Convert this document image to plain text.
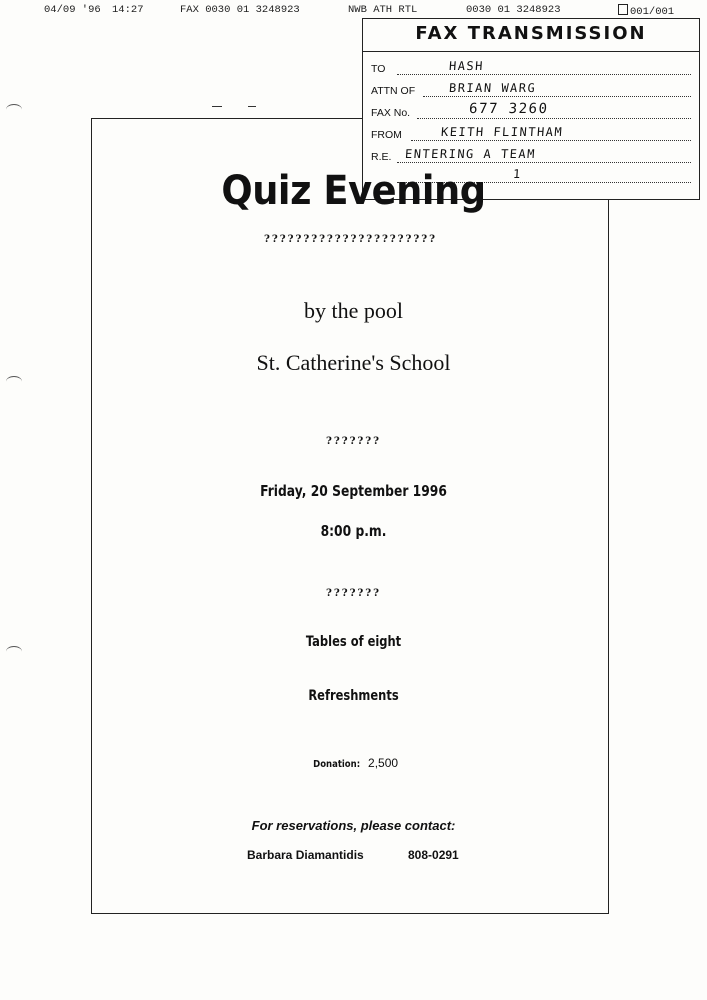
04/09 '96 14:27	FAX 0030 01 3248923	NWB ATH RTL	0030 01 3248923	001/001
FAX TRANSMISSION
TO	HASH
ATTN OF	BRIAN WARG
FAX No.	677 3260
FROM	KEITH FLINTHAM
R.E. ENTERING A TEAM
1
Quiz Evening
??????????????????????
by the pool
St. Catherine's School
???????
Friday, 20 September 1996
8:00 p.m.
???????
Tables of eight
Refreshments
Donation: 2,500
For reservations, please contact:
Barbara Diamantidis	808-0291
